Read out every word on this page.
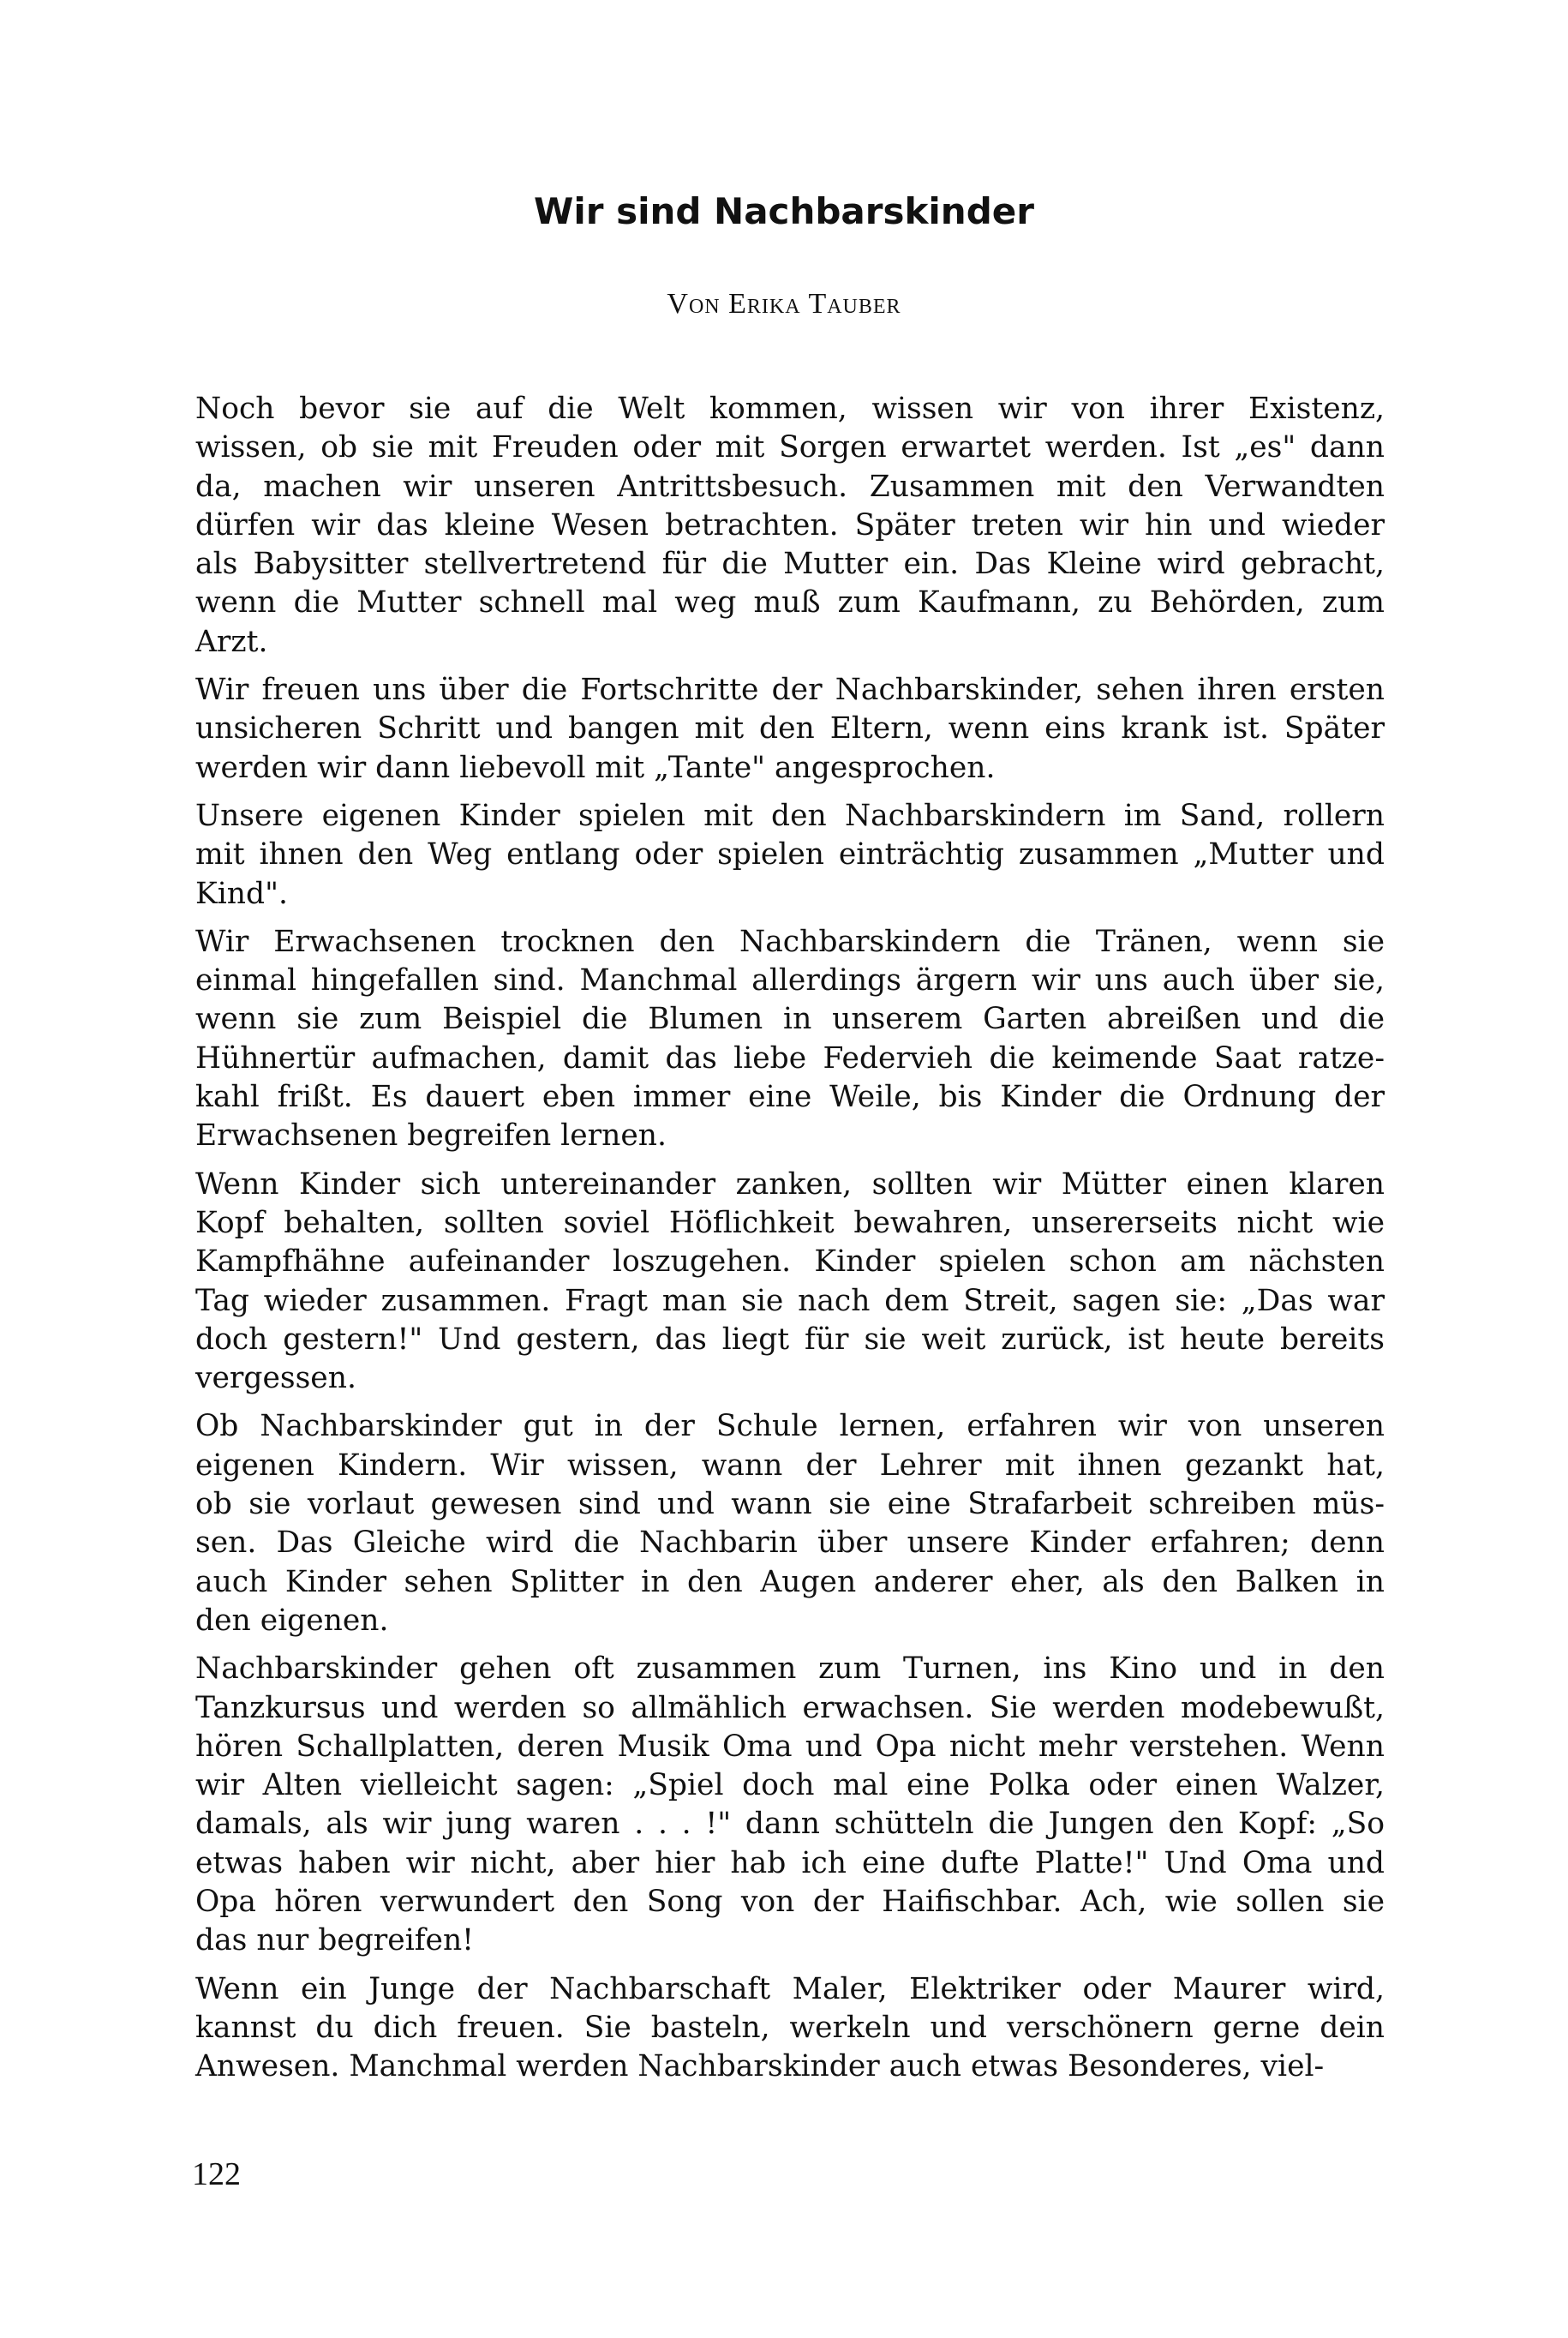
Wir sind Nachbarskinder

Von Erika Tauber

Noch bevor sie auf die Welt kommen, wissen wir von ihrer Existenz,
wissen, ob sie mit Freuden oder mit Sorgen erwartet werden. Ist „es" dann
da, machen wir unseren Antrittsbesuch. Zusammen mit den Verwandten
dürfen wir das kleine Wesen betrachten. Später treten wir hin und wieder
als Babysitter stellvertretend für die Mutter ein. Das Kleine wird gebracht,
wenn die Mutter schnell mal weg muß zum Kaufmann, zu Behörden, zum
Arzt.

Wir freuen uns über die Fortschritte der Nachbarskinder, sehen ihren ersten
unsicheren Schritt und bangen mit den Eltern, wenn eins krank ist. Später
werden wir dann liebevoll mit „Tante" angesprochen.

Unsere eigenen Kinder spielen mit den Nachbarskindern im Sand, rollern
mit ihnen den Weg entlang oder spielen einträchtig zusammen „Mutter und
Kind".

Wir Erwachsenen trocknen den Nachbarskindern die Tränen, wenn sie
einmal hingefallen sind. Manchmal allerdings ärgern wir uns auch über sie,
wenn sie zum Beispiel die Blumen in unserem Garten abreißen und die
Hühnertür aufmachen, damit das liebe Federvieh die keimende Saat ratze-
kahl frißt. Es dauert eben immer eine Weile, bis Kinder die Ordnung der
Erwachsenen begreifen lernen.

Wenn Kinder sich untereinander zanken, sollten wir Mütter einen klaren
Kopf behalten, sollten soviel Höflichkeit bewahren, unsererseits nicht wie
Kampfhähne aufeinander loszugehen. Kinder spielen schon am nächsten
Tag wieder zusammen. Fragt man sie nach dem Streit, sagen sie: „Das war
doch gestern!" Und gestern, das liegt für sie weit zurück, ist heute bereits
vergessen.

Ob Nachbarskinder gut in der Schule lernen, erfahren wir von unseren
eigenen Kindern. Wir wissen, wann der Lehrer mit ihnen gezankt hat,
ob sie vorlaut gewesen sind und wann sie eine Strafarbeit schreiben müs-
sen. Das Gleiche wird die Nachbarin über unsere Kinder erfahren; denn
auch Kinder sehen Splitter in den Augen anderer eher, als den Balken in
den eigenen.

Nachbarskinder gehen oft zusammen zum Turnen, ins Kino und in den
Tanzkursus und werden so allmählich erwachsen. Sie werden modebewußt,
hören Schallplatten, deren Musik Oma und Opa nicht mehr verstehen. Wenn
wir Alten vielleicht sagen: „Spiel doch mal eine Polka oder einen Walzer,
damals, als wir jung waren . . . !" dann schütteln die Jungen den Kopf: „So
etwas haben wir nicht, aber hier hab ich eine dufte Platte!" Und Oma und
Opa hören verwundert den Song von der Haifischbar. Ach, wie sollen sie
das nur begreifen!

Wenn ein Junge der Nachbarschaft Maler, Elektriker oder Maurer wird,
kannst du dich freuen. Sie basteln, werkeln und verschönern gerne dein
Anwesen. Manchmal werden Nachbarskinder auch etwas Besonderes, viel-

122
